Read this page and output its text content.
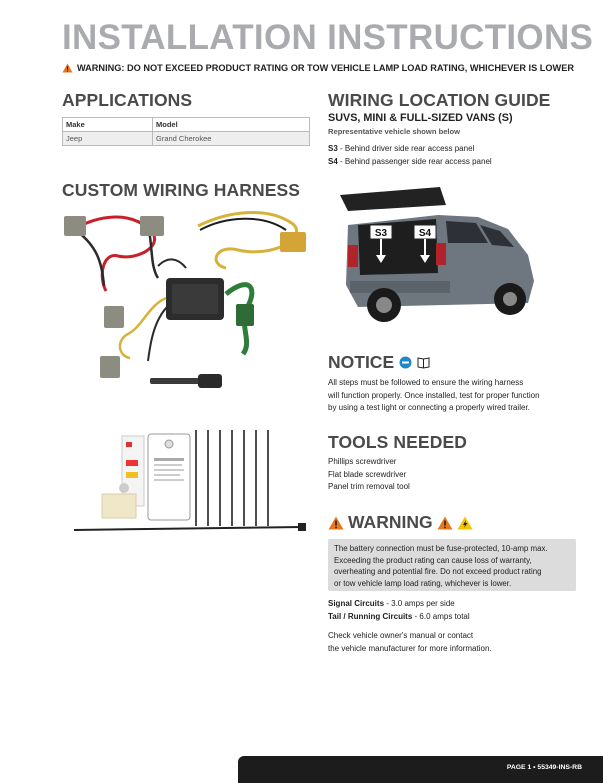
INSTALLATION INSTRUCTIONS
WARNING: DO NOT EXCEED PRODUCT RATING OR TOW VEHICLE LAMP LOAD RATING, WHICHEVER IS LOWER
APPLICATIONS
Make	Model
Jeep	Grand Cherokee
CUSTOM WIRING HARNESS
WIRING LOCATION GUIDE
SUVS, MINI & FULL-SIZED VANS (S)
Representative vehicle shown below
S3 - Behind driver side rear access panel
S4 - Behind passenger side rear access panel
S3	S4
NOTICE
All steps must be followed to ensure the wiring harness
will function properly. Once installed, test for proper function
by using a test light or connecting a properly wired trailer.
TOOLS NEEDED
Phillips screwdriver
Flat blade screwdriver
Panel trim removal tool
WARNING
The battery connection must be fuse-protected, 10-amp max.
Exceeding the product rating can cause loss of warranty,
overheating and potential fire. Do not exceed product rating
or tow vehicle lamp load rating, whichever is lower.
Signal Circuits - 3.0 amps per side
Tail / Running Circuits - 6.0 amps total
Check vehicle owner's manual or contact
the vehicle manufacturer for more information.
PAGE 1 • 55349-INS-RB
